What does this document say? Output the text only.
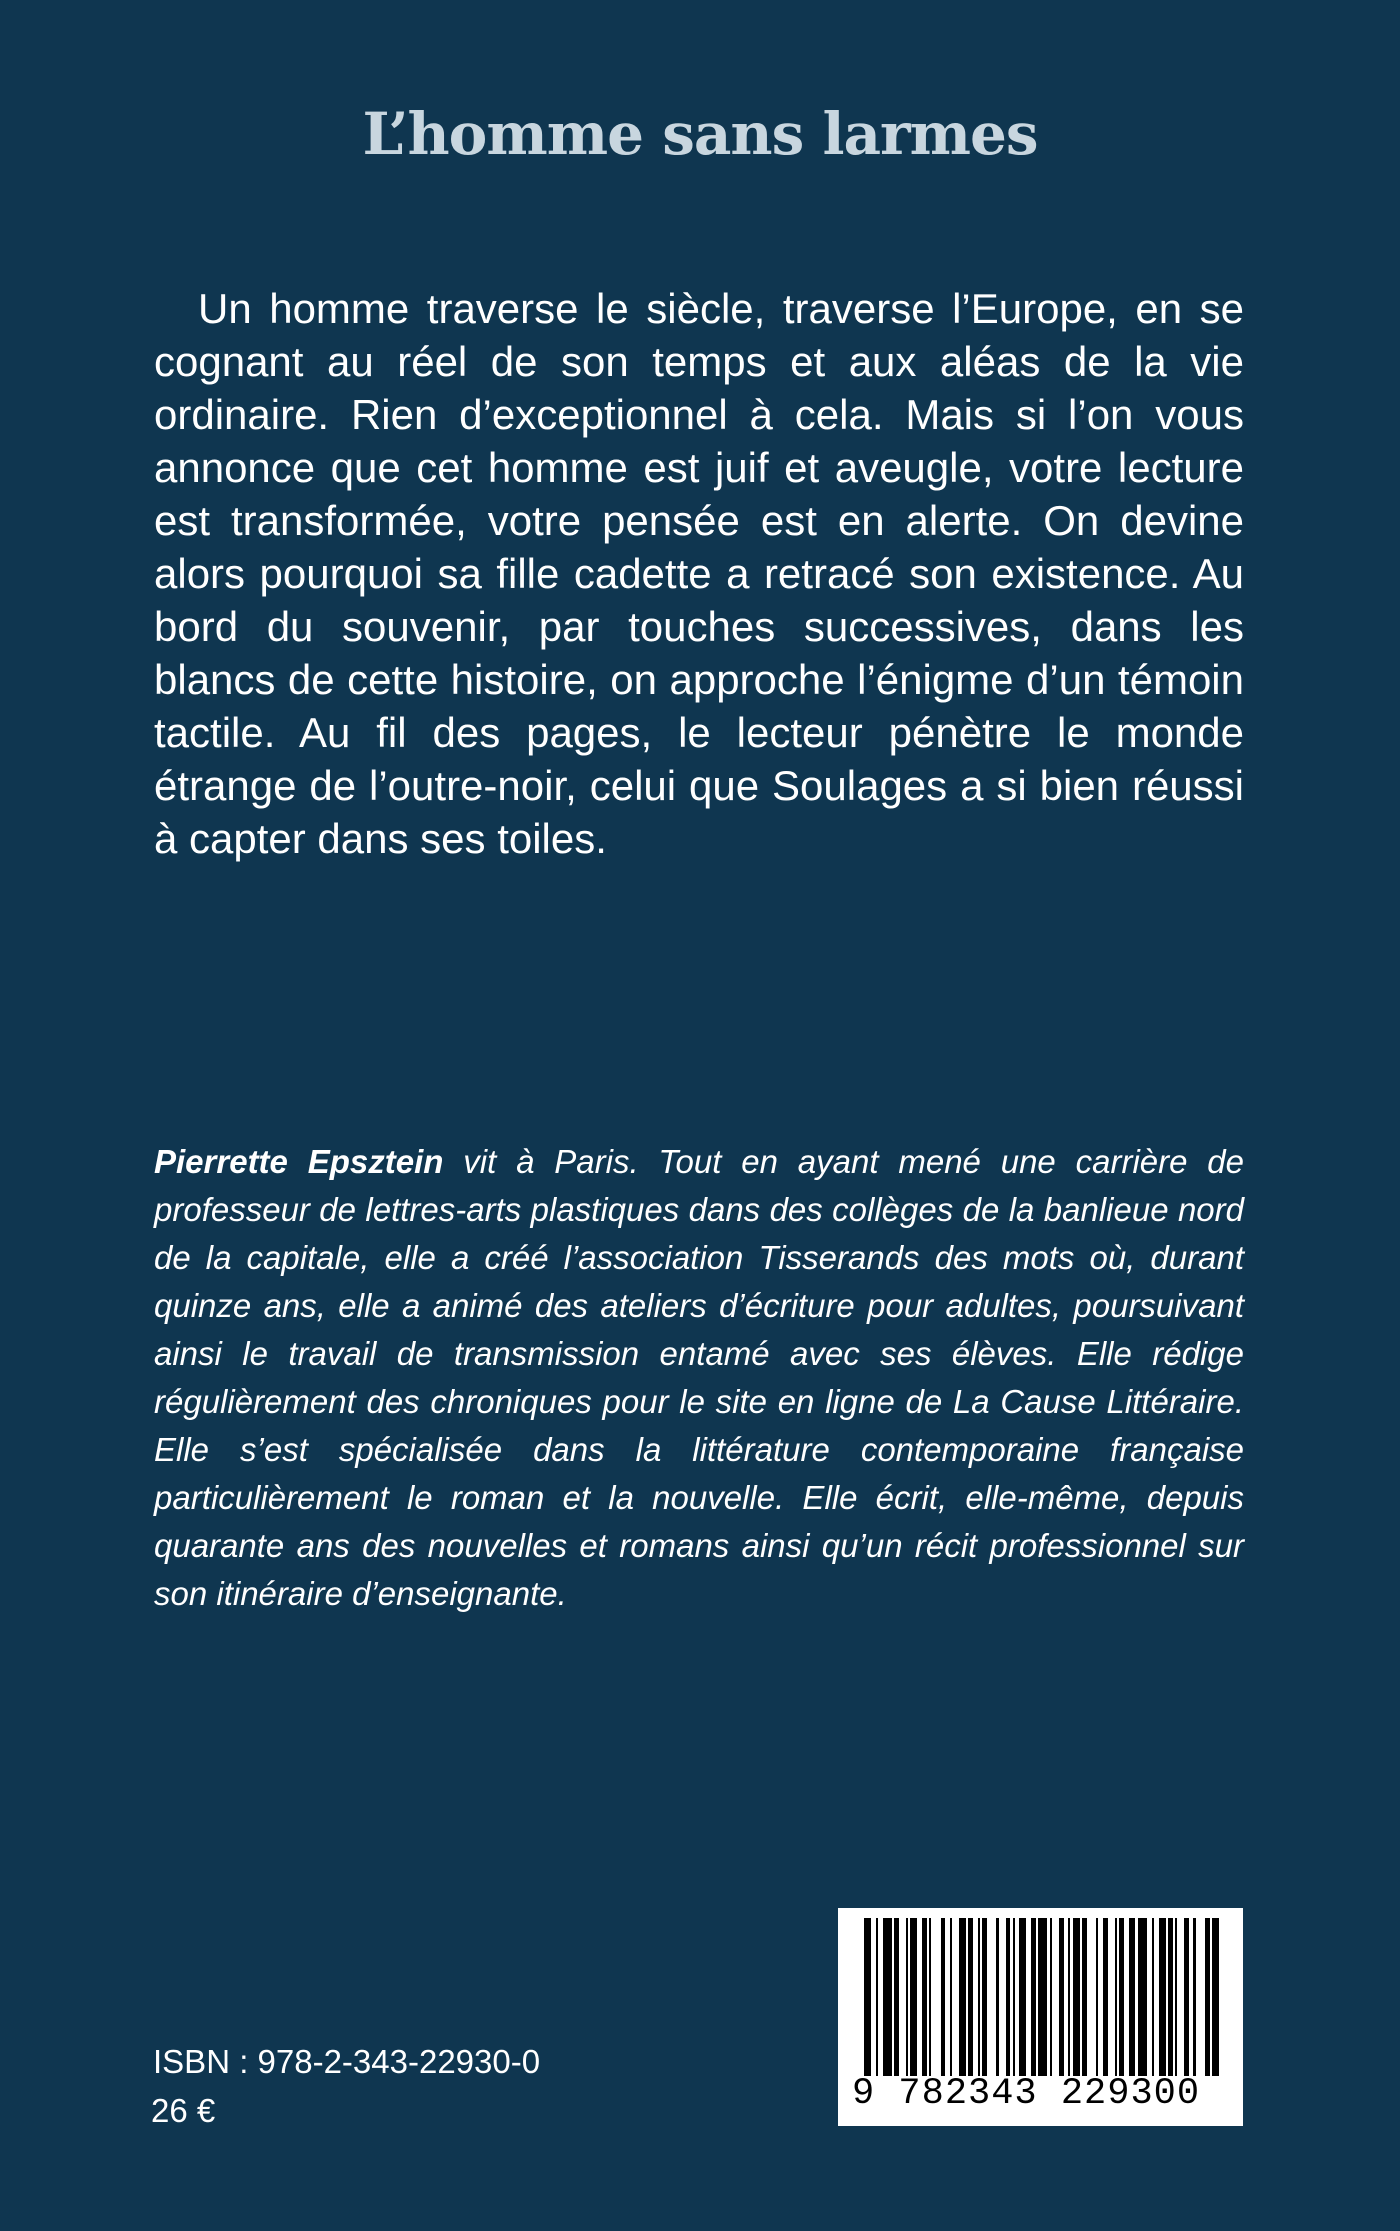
L’homme sans larmes

Un homme traverse le siècle, traverse l’Europe, en se cognant au réel de son temps et aux aléas de la vie ordinaire. Rien d’exceptionnel à cela. Mais si l’on vous annonce que cet homme est juif et aveugle, votre lecture est transformée, votre pensée est en alerte. On devine alors pourquoi sa fille cadette a retracé son existence. Au bord du souvenir, par touches successives, dans les blancs de cette histoire, on approche l’énigme d’un témoin tactile. Au fil des pages, le lecteur pénètre le monde étrange de l’outre-noir, celui que Soulages a si bien réussi à capter dans ses toiles.

Pierrette Epsztein vit à Paris. Tout en ayant mené une carrière de professeur de lettres-arts plastiques dans des collèges de la banlieue nord de la capitale, elle a créé l’association Tisserands des mots où, durant quinze ans, elle a animé des ateliers d’écriture pour adultes, poursuivant ainsi le travail de transmission entamé avec ses élèves. Elle rédige régulièrement des chroniques pour le site en ligne de La Cause Littéraire. Elle s’est spécialisée dans la littérature contemporaine française particulièrement le roman et la nouvelle. Elle écrit, elle-même, depuis quarante ans des nouvelles et romans ainsi qu’un récit professionnel sur son itinéraire d’enseignante.

ISBN : 978-2-343-22930-0

26 €	9 782343 229300
